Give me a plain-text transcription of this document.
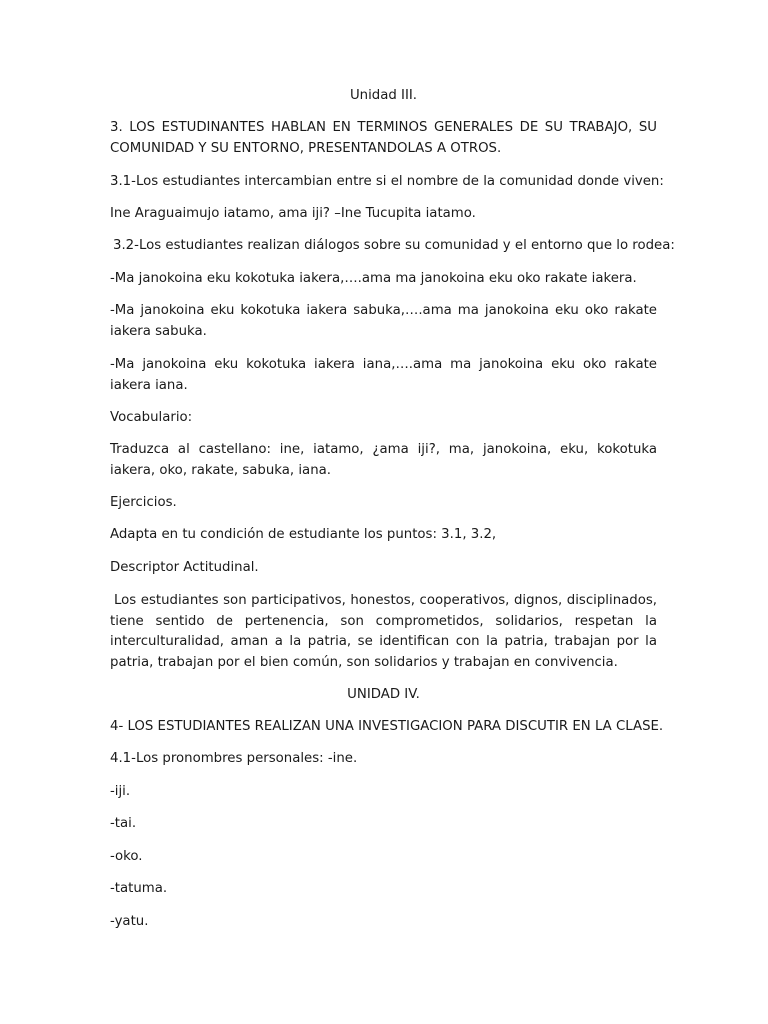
Unidad III.

3. LOS ESTUDINANTES HABLAN EN TERMINOS GENERALES DE SU TRABAJO, SU COMUNIDAD Y SU ENTORNO, PRESENTANDOLAS A OTROS.

3.1-Los estudiantes intercambian entre si el nombre de la comunidad donde viven:

Ine Araguaimujo iatamo, ama iji? –Ine Tucupita iatamo.

3.2-Los estudiantes realizan diálogos sobre su comunidad y el entorno que lo rodea:

-Ma janokoina eku kokotuka iakera,….ama ma janokoina eku oko rakate iakera.

-Ma janokoina eku kokotuka iakera sabuka,….ama ma janokoina eku oko rakate iakera sabuka.

-Ma janokoina eku kokotuka iakera iana,….ama ma janokoina eku oko rakate iakera iana.

Vocabulario:

Traduzca al castellano: ine, iatamo, ¿ama iji?, ma, janokoina, eku, kokotuka iakera, oko, rakate, sabuka, iana.

Ejercicios.

Adapta en tu condición de estudiante los puntos: 3.1, 3.2,

Descriptor Actitudinal.

Los estudiantes son participativos, honestos, cooperativos, dignos, disciplinados, tiene sentido de pertenencia, son comprometidos, solidarios, respetan la interculturalidad, aman a la patria, se identifican con la patria, trabajan por la patria, trabajan por el bien común, son solidarios y trabajan en convivencia.

UNIDAD IV.

4- LOS ESTUDIANTES REALIZAN UNA INVESTIGACION PARA DISCUTIR EN LA CLASE.

4.1-Los pronombres personales: -ine.

-iji.

-tai.

-oko.

-tatuma.

-yatu.
